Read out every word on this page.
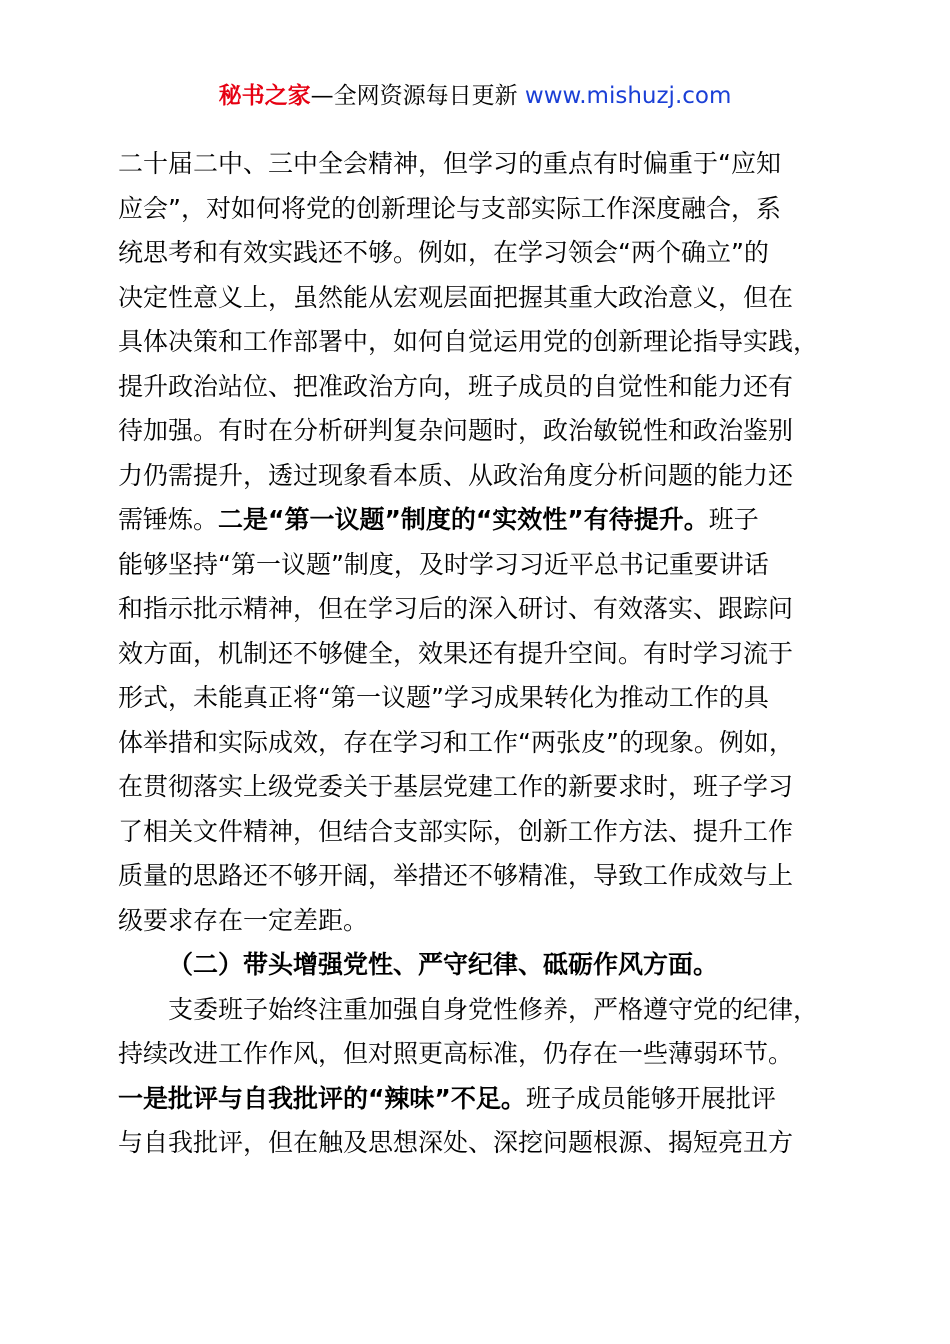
秘书之家—全网资源每日更新 www.mishuzj.com
二十届二中、三中全会精神，但学习的重点有时偏重于“应知
应会”，对如何将党的创新理论与支部实际工作深度融合，系
统思考和有效实践还不够。例如，在学习领会“两个确立”的
决定性意义上，虽然能从宏观层面把握其重大政治意义，但在
具体决策和工作部署中，如何自觉运用党的创新理论指导实践，
提升政治站位、把准政治方向，班子成员的自觉性和能力还有
待加强。有时在分析研判复杂问题时，政治敏锐性和政治鉴别
力仍需提升，透过现象看本质、从政治角度分析问题的能力还
需锤炼。二是“第一议题”制度的“实效性”有待提升。班子
能够坚持“第一议题”制度，及时学习习近平总书记重要讲话
和指示批示精神，但在学习后的深入研讨、有效落实、跟踪问
效方面，机制还不够健全，效果还有提升空间。有时学习流于
形式，未能真正将“第一议题”学习成果转化为推动工作的具
体举措和实际成效，存在学习和工作“两张皮”的现象。例如，
在贯彻落实上级党委关于基层党建工作的新要求时，班子学习
了相关文件精神，但结合支部实际，创新工作方法、提升工作
质量的思路还不够开阔，举措还不够精准，导致工作成效与上
级要求存在一定差距。
（二）带头增强党性、严守纪律、砥砺作风方面。
支委班子始终注重加强自身党性修养，严格遵守党的纪律，
持续改进工作作风，但对照更高标准，仍存在一些薄弱环节。
一是批评与自我批评的“辣味”不足。班子成员能够开展批评
与自我批评，但在触及思想深处、深挖问题根源、揭短亮丑方
